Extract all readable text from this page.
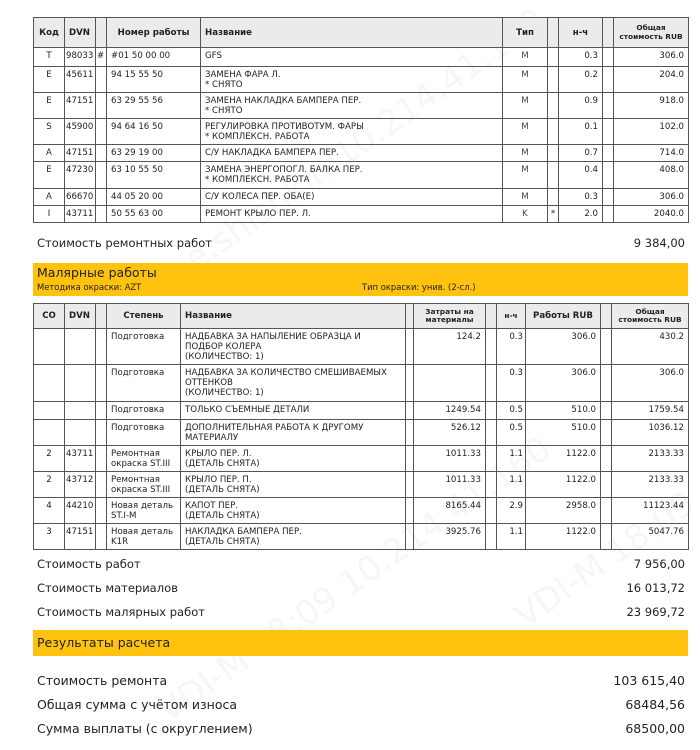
Код	DVN		Номер работы	Название	Тип		н-ч		Общая стоимость RUB
T	98033	#	#01 50 00 00	GFS	M		0.3		306.0
E	45611		94 15 55 50	ЗАМЕНА ФАРА Л.
* СНЯТО	M		0.2		204.0
E	47151		63 29 55 56	ЗАМЕНА НАКЛАДКА БАМПЕРА ПЕР.
* СНЯТО	M		0.9		918.0
S	45900		94 64 16 50	РЕГУЛИРОВКА ПРОТИВОТУМ. ФАРЫ
* КОМПЛЕКСН. РАБОТА	M		0.1		102.0
A	47151		63 29 19 00	С/У НАКЛАДКА БАМПЕРА ПЕР.	M		0.7		714.0
E	47230		63 10 55 50	ЗАМЕНА ЭНЕРГОПОГЛ. БАЛКА ПЕР.
* КОМПЛЕКСН. РАБОТА	M		0.4		408.0
A	66670		44 05 20 00	С/У КОЛЕСА ПЕР. ОБА(Е)	M		0.3		306.0
I	43711		50 55 63 00	РЕМОНТ КРЫЛО ПЕР. Л.	K	*	2.0		2040.0
Стоимость ремонтных работ	9 384,00
Малярные работы
Методика окраски: AZT	Тип окраски: унив. (2-сл.)
CO	DVN		Степень	Название		Затраты на материалы		н-ч	Работы RUB		Общая стоимость RUB

			Подготовка	НАДБАВКА ЗА НАПЫЛЕНИЕ ОБРАЗЦА И
ПОДБОР КОЛЕРА
(КОЛИЧЕСТВО: 1)		124.2		0.3	306.0		430.2

			Подготовка	НАДБАВКА ЗА КОЛИЧЕСТВО СМЕШИВАЕМЫХ
ОТТЕНКОВ
(КОЛИЧЕСТВО: 1)				0.3	306.0		306.0

			Подготовка	ТОЛЬКО СЪЕМНЫЕ ДЕТАЛИ		1249.54		0.5	510.0		1759.54

			Подготовка	ДОПОЛНИТЕЛЬНАЯ РАБОТА К ДРУГОМУ
МАТЕРИАЛУ		526.12		0.5	510.0		1036.12
2	43711		Ремонтная
окраска ST.III

КРЫЛО ПЕР. Л.
(ДЕТАЛЬ СНЯТА)
		1011.33		1.1	1122.0		2133.33
2	43712		Ремонтная
окраска ST.III

КРЫЛО ПЕР. П.
(ДЕТАЛЬ СНЯТА)
		1011.33		1.1	1122.0		2133.33
4	44210		Новая деталь
ST.I-M

КАПОТ ПЕР.
(ДЕТАЛЬ СНЯТА)
		8165.44		2.9	2958.0		11123.44
3	47151		Новая деталь
K1R

НАКЛАДКА БАМПЕРА ПЕР.
(ДЕТАЛЬ СНЯТА)
		3925.76		1.1	1122.0		5047.76
Стоимость работ	7 956,00
Стоимость материалов	16 013,72
Стоимость малярных работ	23 969,72
Результаты расчета
Стоимость ремонта	103 615,40
Общая сумма с учётом износа	68484,56
Сумма выплаты (с округлением)	68500,00
